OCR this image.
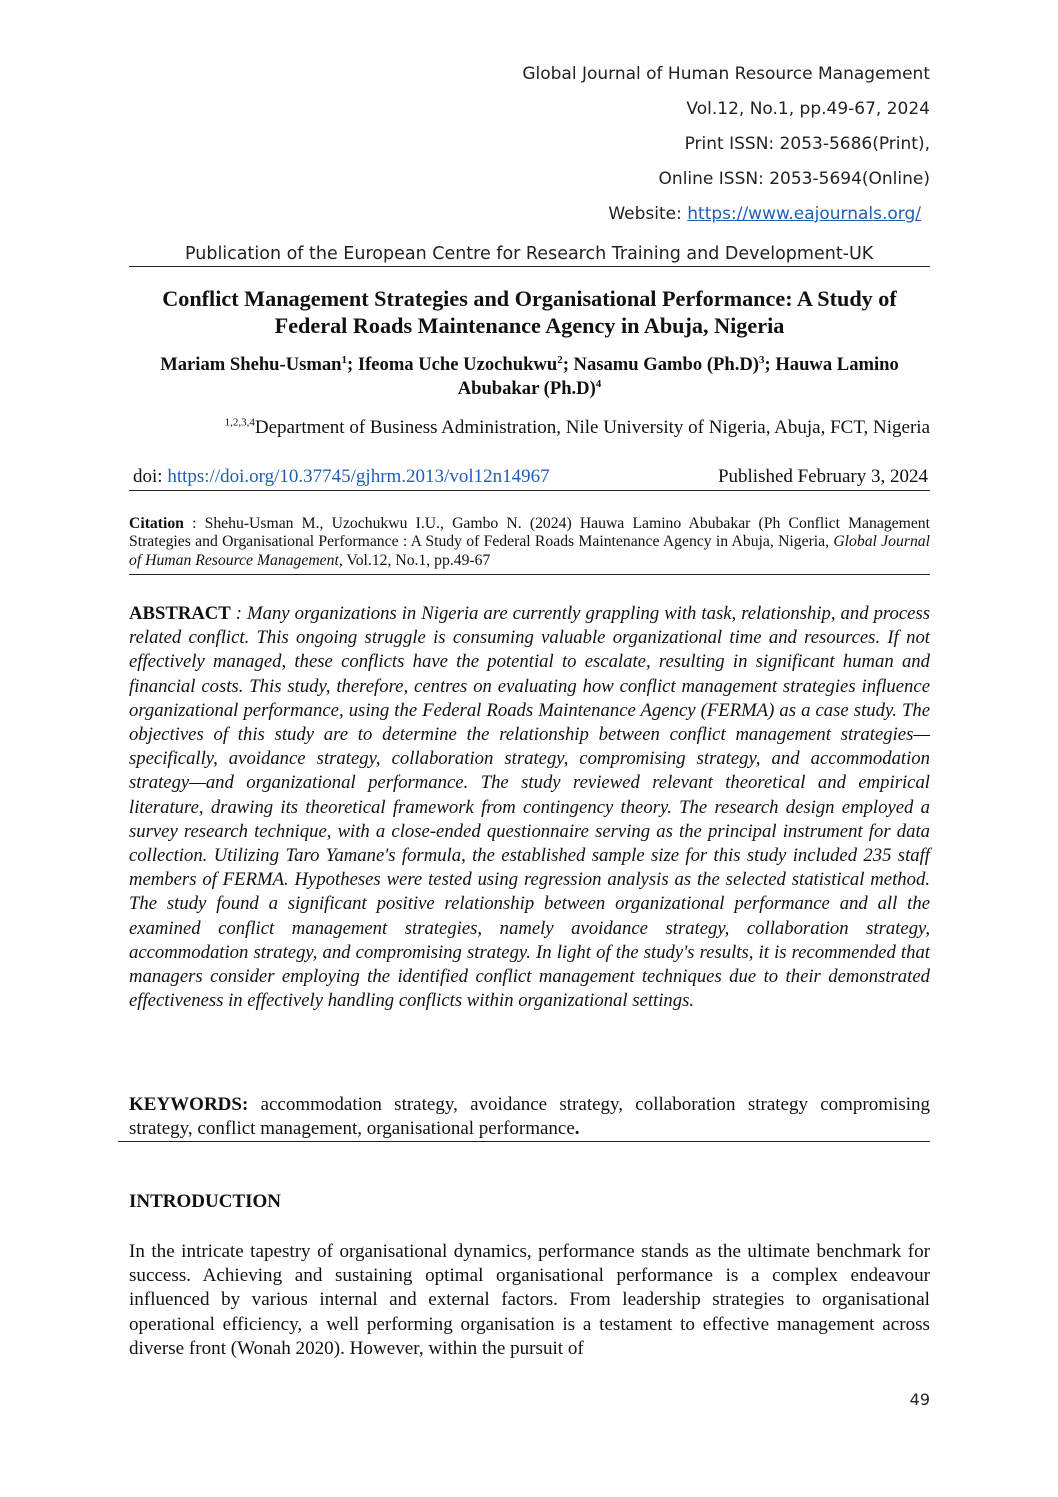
Global Journal of Human Resource Management
Vol.12, No.1, pp.49-67, 2024
Print ISSN: 2053-5686(Print),
Online ISSN: 2053-5694(Online)
Website: https://www.eajournals.org/
Publication of the European Centre for Research Training and Development-UK
Conflict Management Strategies and Organisational Performance: A Study of Federal Roads Maintenance Agency in Abuja, Nigeria
Mariam Shehu-Usman$^1$; Ifeoma Uche Uzochukwu$^2$; Nasamu Gambo $(Ph.D)^3$; Hauwa Lamino Abubakar $(Ph.D)^4$
$^{1,2,3,4}$Department of Business Administration, Nile University of Nigeria, Abuja, FCT, Nigeria
doi: https://doi.org/10.37745/gjhrm.2013/vol12n14967	Published February 3, 2024
Citation : Shehu-Usman M., Uzochukwu I.U., Gambo N. (2024) Hauwa Lamino Abubakar (Ph Conflict Management Strategies and Organisational Performance : A Study of Federal Roads Maintenance Agency in Abuja, Nigeria, Global Journal of Human Resource Management, Vol.12, No.1, pp.49-67
ABSTRACT : Many organizations in Nigeria are currently grappling with task, relationship, and process related conflict. This ongoing struggle is consuming valuable organizational time and resources. If not effectively managed, these conflicts have the potential to escalate, resulting in significant human and financial costs. This study, therefore, centres on evaluating how conflict management strategies influence organizational performance, using the Federal Roads Maintenance Agency (FERMA) as a case study. The objectives of this study are to determine the relationship between conflict management strategies—specifically, avoidance strategy, collaboration strategy, compromising strategy, and accommodation strategy—and organizational performance. The study reviewed relevant theoretical and empirical literature, drawing its theoretical framework from contingency theory. The research design employed a survey research technique, with a close-ended questionnaire serving as the principal instrument for data collection. Utilizing Taro Yamane's formula, the established sample size for this study included 235 staff members of FERMA. Hypotheses were tested using regression analysis as the selected statistical method. The study found a significant positive relationship between organizational performance and all the examined conflict management strategies, namely avoidance strategy, collaboration strategy, accommodation strategy, and compromising strategy. In light of the study's results, it is recommended that managers consider employing the identified conflict management techniques due to their demonstrated effectiveness in effectively handling conflicts within organizational settings.
KEYWORDS: accommodation strategy, avoidance strategy, collaboration strategy compromising strategy, conflict management, organisational performance.
INTRODUCTION
In the intricate tapestry of organisational dynamics, performance stands as the ultimate benchmark for success. Achieving and sustaining optimal organisational performance is a complex endeavour influenced by various internal and external factors. From leadership strategies to organisational operational efficiency, a well performing organisation is a testament to effective management across diverse front (Wonah 2020). However, within the pursuit of
49
